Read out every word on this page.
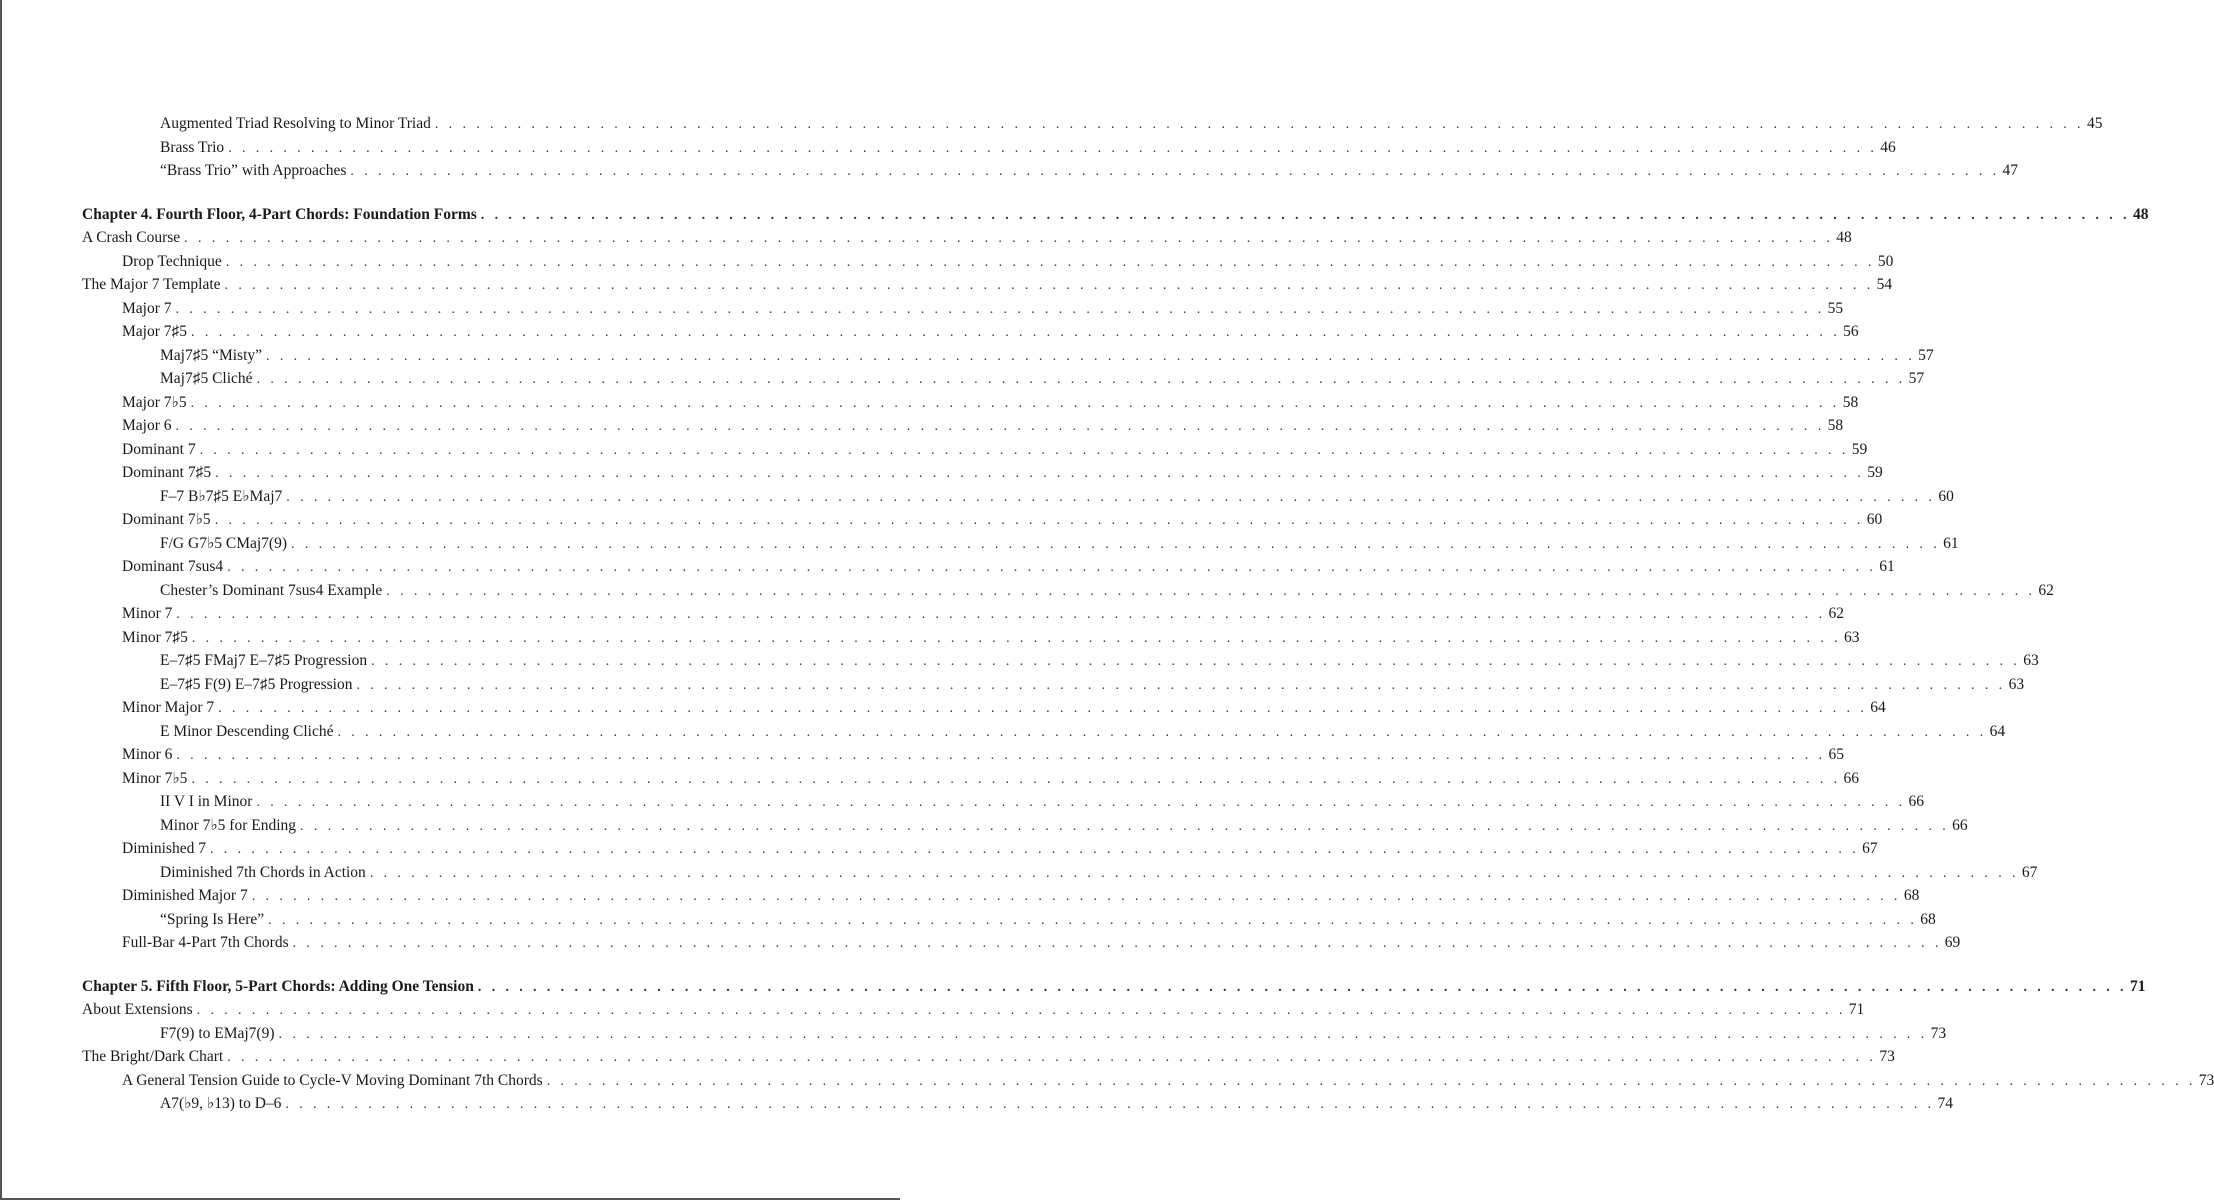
Augmented Triad Resolving to Minor Triad . . . . . . . . . . . . . . . . . . . . . . . . . . . . . . . . . . . . . . . . . . . . . . . . . . . . . . . . . . . . . . . . . . . . . . . . . . . . . . . . . . . . . . . . . . . . . . . . . . . . . . . . . . . . . . . . . . . . . . . . 45
Brass Trio . . . . . . . . . . . . . . . . . . . . . . . . . . . . . . . . . . . . . . . . . . . . . . . . . . . . . . . . . . . . . . . . . . . . . . . . . . . . . . . . . . . . . . . . . . . . . . . . . . . . . . . . . . . . . . . . . . . . . . . . 46
“Brass Trio” with Approaches . . . . . . . . . . . . . . . . . . . . . . . . . . . . . . . . . . . . . . . . . . . . . . . . . . . . . . . . . . . . . . . . . . . . . . . . . . . . . . . . . . . . . . . . . . . . . . . . . . . . . . . . . . . . . . . . . . . . . . . . 47
Chapter 4. Fourth Floor, 4-Part Chords: Foundation Forms . . . . . . . . . . . . . . . . . . . . . . . . . . . . . . . . . . . . . . . . . . . . . . . . . . . . . . . . . . . . . . . . . . . . . . . . . . . . . . . . . . . . . . . . . . . . . . . . . . . . . . . . . . . . . . . . . . . . . . . . 48
A Crash Course . . . . . . . . . . . . . . . . . . . . . . . . . . . . . . . . . . . . . . . . . . . . . . . . . . . . . . . . . . . . . . . . . . . . . . . . . . . . . . . . . . . . . . . . . . . . . . . . . . . . . . . . . . . . . . . . . . . . . . . . 48
Drop Technique . . . . . . . . . . . . . . . . . . . . . . . . . . . . . . . . . . . . . . . . . . . . . . . . . . . . . . . . . . . . . . . . . . . . . . . . . . . . . . . . . . . . . . . . . . . . . . . . . . . . . . . . . . . . . . . . . . . . . . . . 50
The Major 7 Template . . . . . . . . . . . . . . . . . . . . . . . . . . . . . . . . . . . . . . . . . . . . . . . . . . . . . . . . . . . . . . . . . . . . . . . . . . . . . . . . . . . . . . . . . . . . . . . . . . . . . . . . . . . . . . . . . . . . . . . . 54
Major 7 . . . . . . . . . . . . . . . . . . . . . . . . . . . . . . . . . . . . . . . . . . . . . . . . . . . . . . . . . . . . . . . . . . . . . . . . . . . . . . . . . . . . . . . . . . . . . . . . . . . . . . . . . . . . . . . . . . . . . . . . 55
Major 7♯5 . . . . . . . . . . . . . . . . . . . . . . . . . . . . . . . . . . . . . . . . . . . . . . . . . . . . . . . . . . . . . . . . . . . . . . . . . . . . . . . . . . . . . . . . . . . . . . . . . . . . . . . . . . . . . . . . . . . . . . . . 56
Maj7♯5 “Misty” . . . . . . . . . . . . . . . . . . . . . . . . . . . . . . . . . . . . . . . . . . . . . . . . . . . . . . . . . . . . . . . . . . . . . . . . . . . . . . . . . . . . . . . . . . . . . . . . . . . . . . . . . . . . . . . . . . . . . . . . 57
Maj7♯5 Cliché . . . . . . . . . . . . . . . . . . . . . . . . . . . . . . . . . . . . . . . . . . . . . . . . . . . . . . . . . . . . . . . . . . . . . . . . . . . . . . . . . . . . . . . . . . . . . . . . . . . . . . . . . . . . . . . . . . . . . . . . 57
Major 7♭5 . . . . . . . . . . . . . . . . . . . . . . . . . . . . . . . . . . . . . . . . . . . . . . . . . . . . . . . . . . . . . . . . . . . . . . . . . . . . . . . . . . . . . . . . . . . . . . . . . . . . . . . . . . . . . . . . . . . . . . . . 58
Major 6 . . . . . . . . . . . . . . . . . . . . . . . . . . . . . . . . . . . . . . . . . . . . . . . . . . . . . . . . . . . . . . . . . . . . . . . . . . . . . . . . . . . . . . . . . . . . . . . . . . . . . . . . . . . . . . . . . . . . . . . . 58
Dominant 7 . . . . . . . . . . . . . . . . . . . . . . . . . . . . . . . . . . . . . . . . . . . . . . . . . . . . . . . . . . . . . . . . . . . . . . . . . . . . . . . . . . . . . . . . . . . . . . . . . . . . . . . . . . . . . . . . . . . . . . . . 59
Dominant 7♯5 . . . . . . . . . . . . . . . . . . . . . . . . . . . . . . . . . . . . . . . . . . . . . . . . . . . . . . . . . . . . . . . . . . . . . . . . . . . . . . . . . . . . . . . . . . . . . . . . . . . . . . . . . . . . . . . . . . . . . . . . 59
F–7 B♭7♯5 E♭Maj7 . . . . . . . . . . . . . . . . . . . . . . . . . . . . . . . . . . . . . . . . . . . . . . . . . . . . . . . . . . . . . . . . . . . . . . . . . . . . . . . . . . . . . . . . . . . . . . . . . . . . . . . . . . . . . . . . . . . . . . . . 60
Dominant 7♭5 . . . . . . . . . . . . . . . . . . . . . . . . . . . . . . . . . . . . . . . . . . . . . . . . . . . . . . . . . . . . . . . . . . . . . . . . . . . . . . . . . . . . . . . . . . . . . . . . . . . . . . . . . . . . . . . . . . . . . . . . 60
F/G G7♭5 CMaj7(9) . . . . . . . . . . . . . . . . . . . . . . . . . . . . . . . . . . . . . . . . . . . . . . . . . . . . . . . . . . . . . . . . . . . . . . . . . . . . . . . . . . . . . . . . . . . . . . . . . . . . . . . . . . . . . . . . . . . . . . . . 61
Dominant 7sus4 . . . . . . . . . . . . . . . . . . . . . . . . . . . . . . . . . . . . . . . . . . . . . . . . . . . . . . . . . . . . . . . . . . . . . . . . . . . . . . . . . . . . . . . . . . . . . . . . . . . . . . . . . . . . . . . . . . . . . . . . 61
Chester’s Dominant 7sus4 Example . . . . . . . . . . . . . . . . . . . . . . . . . . . . . . . . . . . . . . . . . . . . . . . . . . . . . . . . . . . . . . . . . . . . . . . . . . . . . . . . . . . . . . . . . . . . . . . . . . . . . . . . . . . . . . . . . . . . . . . . 62
Minor 7 . . . . . . . . . . . . . . . . . . . . . . . . . . . . . . . . . . . . . . . . . . . . . . . . . . . . . . . . . . . . . . . . . . . . . . . . . . . . . . . . . . . . . . . . . . . . . . . . . . . . . . . . . . . . . . . . . . . . . . . . 62
Minor 7♯5 . . . . . . . . . . . . . . . . . . . . . . . . . . . . . . . . . . . . . . . . . . . . . . . . . . . . . . . . . . . . . . . . . . . . . . . . . . . . . . . . . . . . . . . . . . . . . . . . . . . . . . . . . . . . . . . . . . . . . . . . 63
E–7♯5 FMaj7 E–7♯5 Progression . . . . . . . . . . . . . . . . . . . . . . . . . . . . . . . . . . . . . . . . . . . . . . . . . . . . . . . . . . . . . . . . . . . . . . . . . . . . . . . . . . . . . . . . . . . . . . . . . . . . . . . . . . . . . . . . . . . . . . . . 63
E–7♯5 F(9) E–7♯5 Progression . . . . . . . . . . . . . . . . . . . . . . . . . . . . . . . . . . . . . . . . . . . . . . . . . . . . . . . . . . . . . . . . . . . . . . . . . . . . . . . . . . . . . . . . . . . . . . . . . . . . . . . . . . . . . . . . . . . . . . . . 63
Minor Major 7 . . . . . . . . . . . . . . . . . . . . . . . . . . . . . . . . . . . . . . . . . . . . . . . . . . . . . . . . . . . . . . . . . . . . . . . . . . . . . . . . . . . . . . . . . . . . . . . . . . . . . . . . . . . . . . . . . . . . . . . . 64
E Minor Descending Cliché . . . . . . . . . . . . . . . . . . . . . . . . . . . . . . . . . . . . . . . . . . . . . . . . . . . . . . . . . . . . . . . . . . . . . . . . . . . . . . . . . . . . . . . . . . . . . . . . . . . . . . . . . . . . . . . . . . . . . . . . 64
Minor 6 . . . . . . . . . . . . . . . . . . . . . . . . . . . . . . . . . . . . . . . . . . . . . . . . . . . . . . . . . . . . . . . . . . . . . . . . . . . . . . . . . . . . . . . . . . . . . . . . . . . . . . . . . . . . . . . . . . . . . . . . 65
Minor 7♭5 . . . . . . . . . . . . . . . . . . . . . . . . . . . . . . . . . . . . . . . . . . . . . . . . . . . . . . . . . . . . . . . . . . . . . . . . . . . . . . . . . . . . . . . . . . . . . . . . . . . . . . . . . . . . . . . . . . . . . . . . 66
II V I in Minor . . . . . . . . . . . . . . . . . . . . . . . . . . . . . . . . . . . . . . . . . . . . . . . . . . . . . . . . . . . . . . . . . . . . . . . . . . . . . . . . . . . . . . . . . . . . . . . . . . . . . . . . . . . . . . . . . . . . . . . . 66
Minor 7♭5 for Ending . . . . . . . . . . . . . . . . . . . . . . . . . . . . . . . . . . . . . . . . . . . . . . . . . . . . . . . . . . . . . . . . . . . . . . . . . . . . . . . . . . . . . . . . . . . . . . . . . . . . . . . . . . . . . . . . . . . . . . . . 66
Diminished 7 . . . . . . . . . . . . . . . . . . . . . . . . . . . . . . . . . . . . . . . . . . . . . . . . . . . . . . . . . . . . . . . . . . . . . . . . . . . . . . . . . . . . . . . . . . . . . . . . . . . . . . . . . . . . . . . . . . . . . . . . 67
Diminished 7th Chords in Action . . . . . . . . . . . . . . . . . . . . . . . . . . . . . . . . . . . . . . . . . . . . . . . . . . . . . . . . . . . . . . . . . . . . . . . . . . . . . . . . . . . . . . . . . . . . . . . . . . . . . . . . . . . . . . . . . . . . . . . . 67
Diminished Major 7 . . . . . . . . . . . . . . . . . . . . . . . . . . . . . . . . . . . . . . . . . . . . . . . . . . . . . . . . . . . . . . . . . . . . . . . . . . . . . . . . . . . . . . . . . . . . . . . . . . . . . . . . . . . . . . . . . . . . . . . . 68
“Spring Is Here” . . . . . . . . . . . . . . . . . . . . . . . . . . . . . . . . . . . . . . . . . . . . . . . . . . . . . . . . . . . . . . . . . . . . . . . . . . . . . . . . . . . . . . . . . . . . . . . . . . . . . . . . . . . . . . . . . . . . . . . . 68
Full-Bar 4-Part 7th Chords . . . . . . . . . . . . . . . . . . . . . . . . . . . . . . . . . . . . . . . . . . . . . . . . . . . . . . . . . . . . . . . . . . . . . . . . . . . . . . . . . . . . . . . . . . . . . . . . . . . . . . . . . . . . . . . . . . . . . . . . 69
Chapter 5. Fifth Floor, 5-Part Chords: Adding One Tension . . . . . . . . . . . . . . . . . . . . . . . . . . . . . . . . . . . . . . . . . . . . . . . . . . . . . . . . . . . . . . . . . . . . . . . . . . . . . . . . . . . . . . . . . . . . . . . . . . . . . . . . . . . . . . . . . . . . . . . . 71
About Extensions . . . . . . . . . . . . . . . . . . . . . . . . . . . . . . . . . . . . . . . . . . . . . . . . . . . . . . . . . . . . . . . . . . . . . . . . . . . . . . . . . . . . . . . . . . . . . . . . . . . . . . . . . . . . . . . . . . . . . . . . 71
F7(9) to EMaj7(9) . . . . . . . . . . . . . . . . . . . . . . . . . . . . . . . . . . . . . . . . . . . . . . . . . . . . . . . . . . . . . . . . . . . . . . . . . . . . . . . . . . . . . . . . . . . . . . . . . . . . . . . . . . . . . . . . . . . . . . . . 73
The Bright/Dark Chart . . . . . . . . . . . . . . . . . . . . . . . . . . . . . . . . . . . . . . . . . . . . . . . . . . . . . . . . . . . . . . . . . . . . . . . . . . . . . . . . . . . . . . . . . . . . . . . . . . . . . . . . . . . . . . . . . . . . . . . . 73
A General Tension Guide to Cycle-V Moving Dominant 7th Chords . . . . . . . . . . . . . . . . . . . . . . . . . . . . . . . . . . . . . . . . . . . . . . . . . . . . . . . . . . . . . . . . . . . . . . . . . . . . . . . . . . . . . . . . . . . . . . . . . . . . . . . . . . . . . . . . . . . . . . . . 73
A7(♭9, ♭13) to D–6 . . . . . . . . . . . . . . . . . . . . . . . . . . . . . . . . . . . . . . . . . . . . . . . . . . . . . . . . . . . . . . . . . . . . . . . . . . . . . . . . . . . . . . . . . . . . . . . . . . . . . . . . . . . . . . . . . . . . . . . . 74
